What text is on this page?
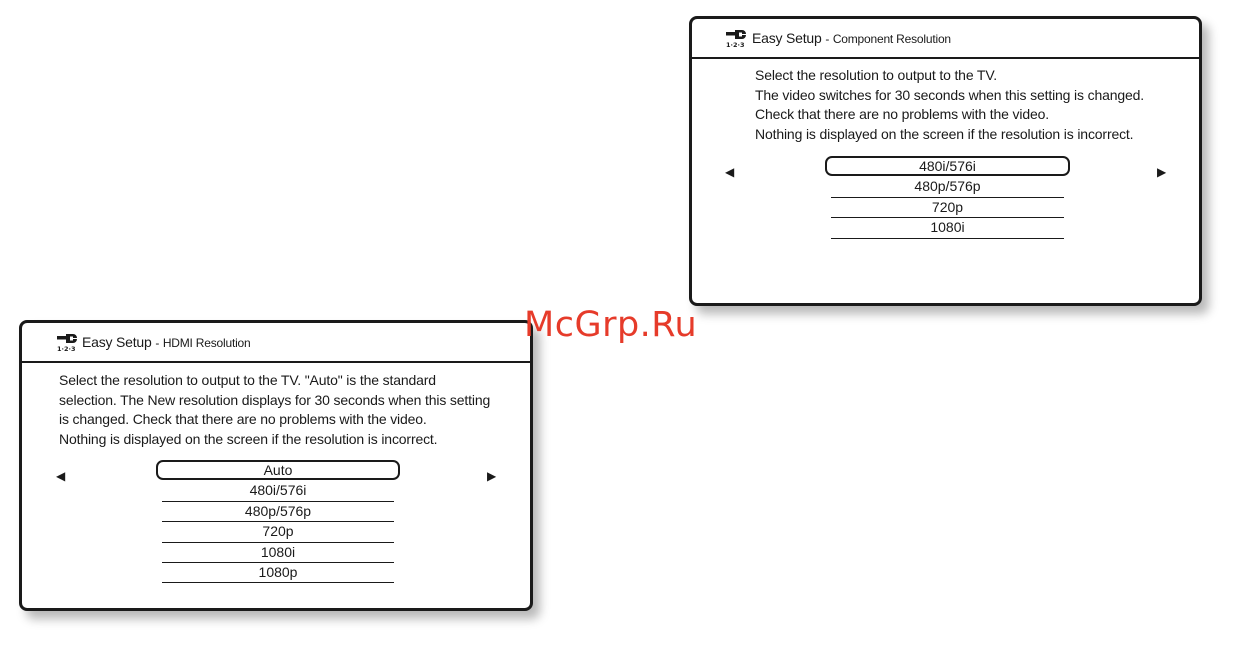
1·2·3 Easy Setup - Component Resolution
Select the resolution to output to the TV.
The video switches for 30 seconds when this setting is changed.
Check that there are no problems with the video.
Nothing is displayed on the screen if the resolution is incorrect.
◀	▶
480i/576i
480p/576p
720p
1080i
1·2·3 Easy Setup - HDMI Resolution
Select the resolution to output to the TV. "Auto" is the standard
selection. The New resolution displays for 30 seconds when this setting
is changed. Check that there are no problems with the video.
Nothing is displayed on the screen if the resolution is incorrect.
◀	▶
Auto
480i/576i
480p/576p
720p
1080i
1080p
McGrp.Ru
